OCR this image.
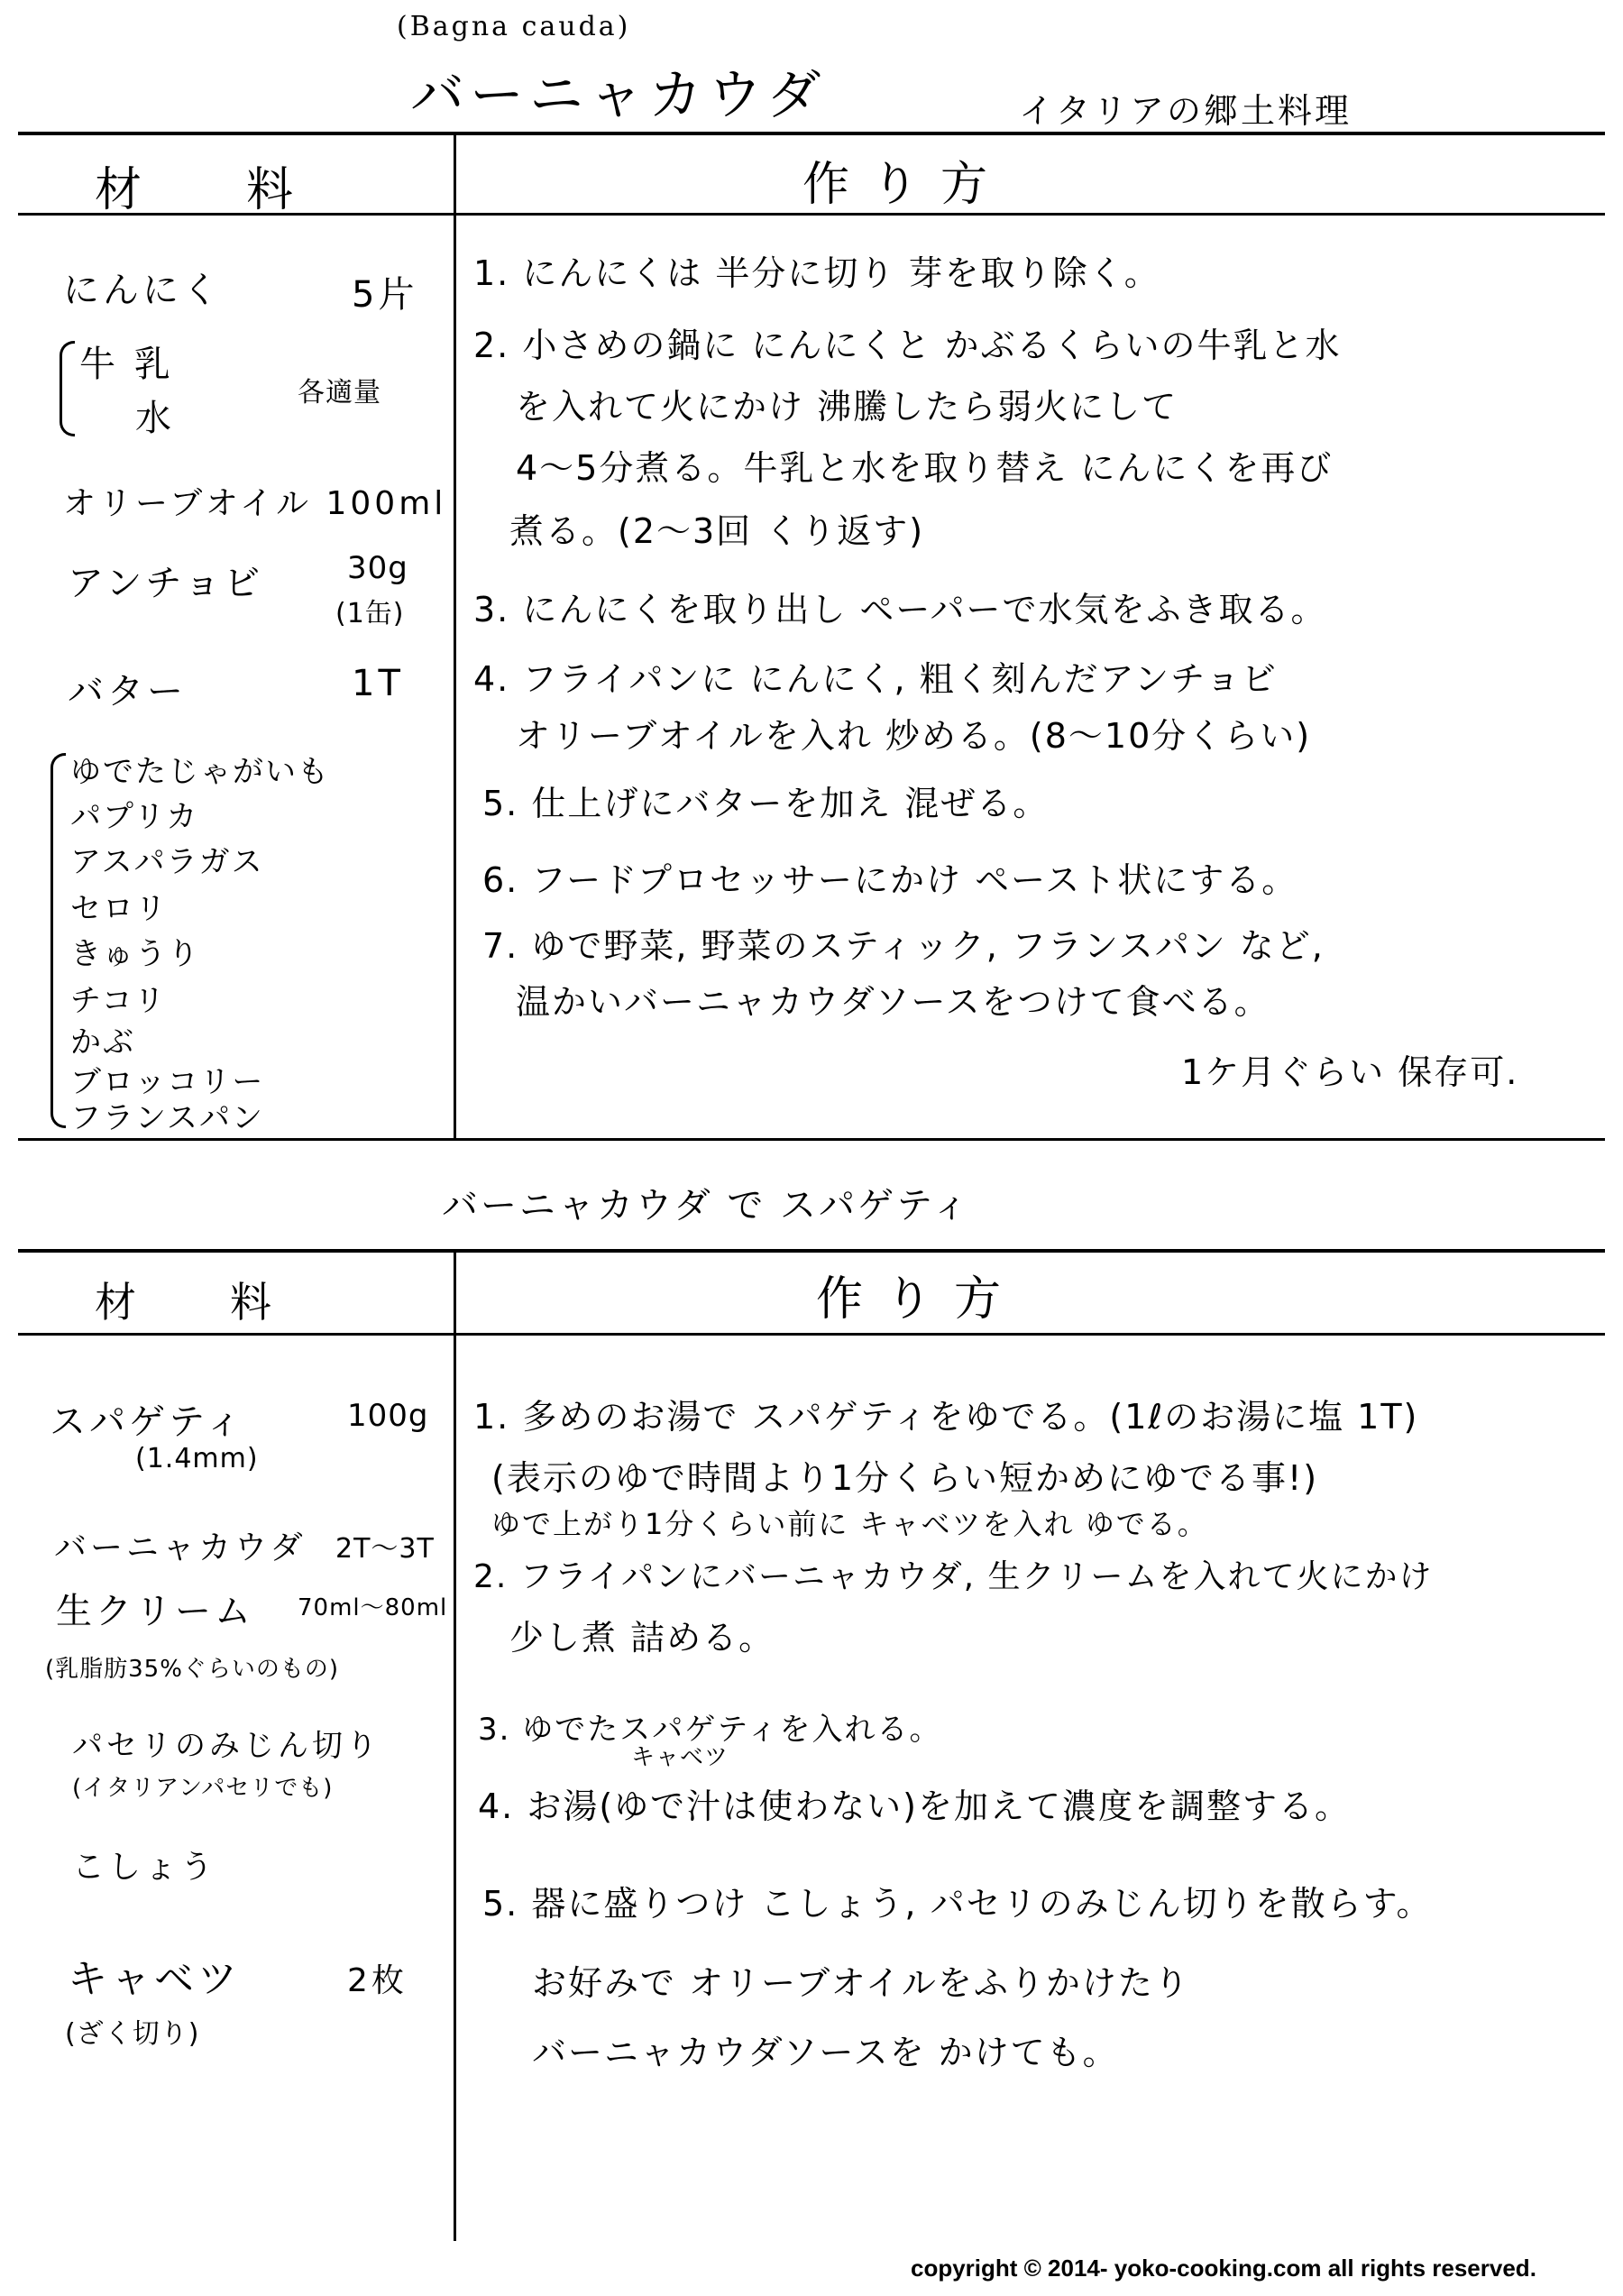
(Bagna cauda)
バーニャカウダ	イタリアの郷土料理
材　　料	作 り 方
にんにく	5片
牛 乳
水
各適量
オリーブオイル 100ml
アンチョビ	30g
(1缶)
バター	1T
ゆでたじゃがいも
パプリカ
アスパラガス
セロリ
きゅうり
チコリ
かぶ
ブロッコリー
フランスパン
1. にんにくは 半分に切り 芽を取り除く。
2. 小さめの鍋に にんにくと かぶるくらいの牛乳と水
を入れて火にかけ 沸騰したら弱火にして
4～5分煮る。牛乳と水を取り替え にんにくを再び
煮る。(2～3回 くり返す)
3. にんにくを取り出し ペーパーで水気をふき取る。
4. フライパンに にんにく, 粗く刻んだアンチョビ
オリーブオイルを入れ 炒める。(8～10分くらい)
5. 仕上げにバターを加え 混ぜる。
6. フードプロセッサーにかけ ペースト状にする。
7. ゆで野菜, 野菜のスティック, フランスパン など,
温かいバーニャカウダソースをつけて食べる。
1ケ月ぐらい 保存可.
バーニャカウダ で スパゲティ
材　　料	作 り 方
スパゲティ	100g
(1.4mm)
バーニャカウダ 2T～3T
生クリーム 70ml～80ml
(乳脂肪35%ぐらいのもの)
パセリのみじん切り
(イタリアンパセリでも)
こしょう
キャベツ	2枚
(ざく切り)
1. 多めのお湯で スパゲティをゆでる。(1ℓのお湯に塩 1T)
(表示のゆで時間より1分くらい短かめにゆでる事!)
ゆで上がり1分くらい前に キャベツを入れ ゆでる。
2. フライパンにバーニャカウダ, 生クリームを入れて火にかけ
少し煮 詰める。
3. ゆでたスパゲティを入れる。
キャベツ
4. お湯(ゆで汁は使わない)を加えて濃度を調整する。
5. 器に盛りつけ こしょう, パセリのみじん切りを散らす。
お好みで オリーブオイルをふりかけたり
バーニャカウダソースを かけても。
copyright © 2014- yoko-cooking.com all rights reserved.
